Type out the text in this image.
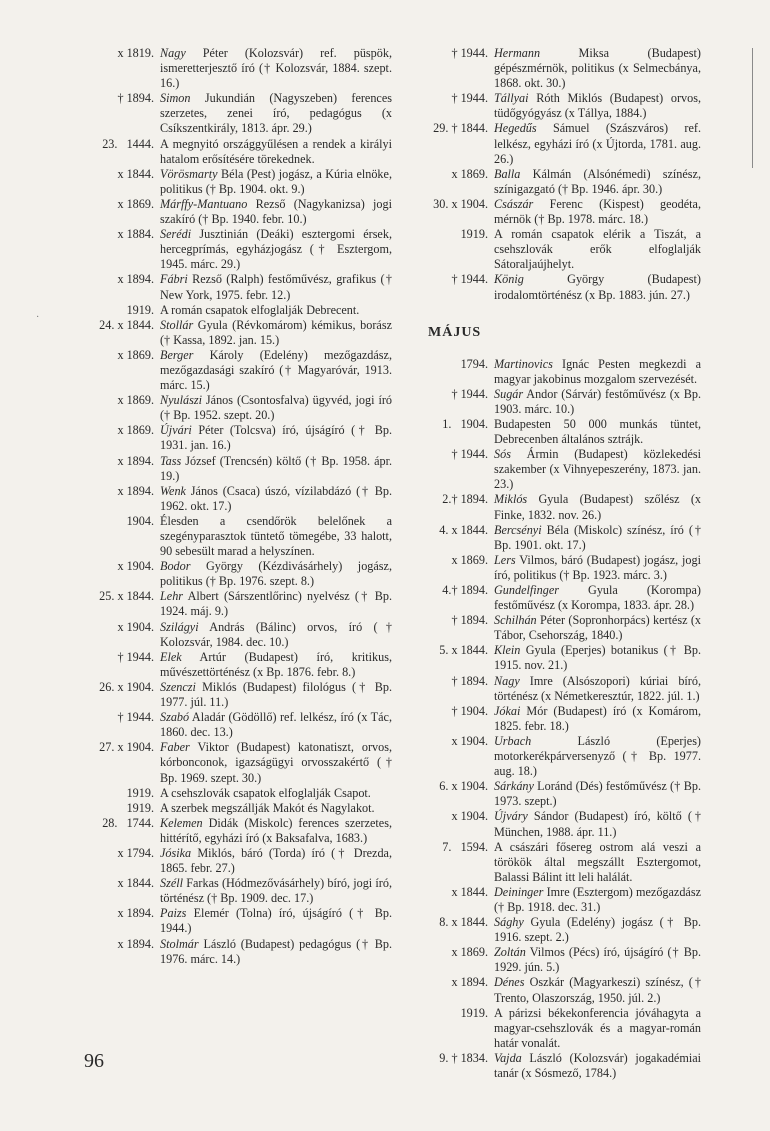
x 1819. Nagy Péter (Kolozsvár) ref. püspök, ismeretterjesztő író († Kolozsvár, 1884. szept. 16.)
† 1894. Simon Jukundián (Nagyszeben) ferences szerzetes, zenei író, pedagógus (x Csíkszentkirály, 1813. ápr. 29.)
23.   1444. A megnyitó országgyűlésen a rendek a királyi hatalom erősítésére törekednek.
x 1844. Vörösmarty Béla (Pest) jogász, a Kúria elnöke, politikus († Bp. 1904. okt. 9.)
x 1869. Márffy-Mantuano Rezső (Nagykanizsa) jogi szakíró († Bp. 1940. febr. 10.)
x 1884. Serédi Jusztinián (Deáki) esztergomi érsek, hercegprímás, egyházjogász († Esztergom, 1945. márc. 29.)
x 1894. Fábri Rezső (Ralph) festőművész, grafikus († New York, 1975. febr. 12.)
1919. A román csapatok elfoglalják Debrecent.
24. x 1844. Stollár Gyula (Révkomárom) kémikus, borász († Kassa, 1892. jan. 15.)
x 1869. Berger Károly (Edelény) mezőgazdász, mezőgazdasági szakíró († Magyaróvár, 1913. márc. 15.)
x 1869. Nyulászi János (Csontosfalva) ügyvéd, jogi író († Bp. 1952. szept. 20.)
x 1869. Újvári Péter (Tolcsva) író, újságíró († Bp. 1931. jan. 16.)
x 1894. Tass József (Trencsén) költő († Bp. 1958. ápr. 19.)
x 1894. Wenk János (Csaca) úszó, vízilabdázó († Bp. 1962. okt. 17.)
1904. Élesden a csendőrök belelőnek a szegényparasztok tüntető tömegébe, 33 halott, 90 sebesült marad a helyszínen.
x 1904. Bodor György (Kézdivásárhely) jogász, politikus († Bp. 1976. szept. 8.)
25. x 1844. Lehr Albert (Sárszentlőrinc) nyelvész († Bp. 1924. máj. 9.)
x 1904. Szilágyi András (Bálinc) orvos, író († Kolozsvár, 1984. dec. 10.)
† 1944. Elek Artúr (Budapest) író, kritikus, művészettörténész (x Bp. 1876. febr. 8.)
26. x 1904. Szenczi Miklós (Budapest) filológus († Bp. 1977. júl. 11.)
† 1944. Szabó Aladár (Gödöllő) ref. lelkész, író (x Tác, 1860. dec. 13.)
27. x 1904. Faber Viktor (Budapest) katonatiszt, orvos, kórbonconok, igazságügyi orvosszakértő († Bp. 1969. szept. 30.)
1919. A csehszlovák csapatok elfoglalják Csapot.
1919. A szerbek megszállják Makót és Nagylakot.
28.   1744. Kelemen Didák (Miskolc) ferences szerzetes, hittérítő, egyházi író (x Baksafalva, 1683.)
x 1794. Jósika Miklós, báró (Torda) író († Drezda, 1865. febr. 27.)
x 1844. Széll Farkas (Hódmezővásárhely) bíró, jogi író, történész († Bp. 1909. dec. 17.)
x 1894. Paizs Elemér (Tolna) író, újságíró († Bp. 1944.)
x 1894. Stolmár László (Budapest) pedagógus († Bp. 1976. márc. 14.)
† 1944. Hermann Miksa (Budapest) gépészmérnök, politikus (x Selmecbánya, 1868. okt. 30.)
† 1944. Tállyai Róth Miklós (Budapest) orvos, tüdőgyógyász (x Tállya, 1884.)
29. † 1844. Hegedűs Sámuel (Szászváros) ref. lelkész, egyházi író (x Újtorda, 1781. aug. 26.)
x 1869. Balla Kálmán (Alsónémedi) színész, színigazgató († Bp. 1946. ápr. 30.)
30. x 1904. Császár Ferenc (Kispest) geodéta, mérnök († Bp. 1978. márc. 18.)
1919. A román csapatok elérik a Tiszát, a csehszlovák erők elfoglalják Sátoraljaújhelyt.
† 1944. König György (Budapest) irodalomtörténész (x Bp. 1883. jún. 27.)
MÁJUS
1794. Martinovics Ignác Pesten megkezdi a magyar jakobinus mozgalom szervezését.
† 1944. Sugár Andor (Sárvár) festőművész (x Bp. 1903. márc. 10.)
1.   1904. Budapesten 50 000 munkás tüntet, Debrecenben általános sztrájk.
† 1944. Sós Ármin (Budapest) közlekedési szakember (x Vihnyepeszerény, 1873. jan. 23.)
2.† 1894. Miklós Gyula (Budapest) szőlész (x Finke, 1832. nov. 26.)
4. x 1844. Bercsényi Béla (Miskolc) színész, író († Bp. 1901. okt. 17.)
x 1869. Lers Vilmos, báró (Budapest) jogász, jogi író, politikus († Bp. 1923. márc. 3.)
4.† 1894. Gundelfinger Gyula (Korompa) festőművész (x Korompa, 1833. ápr. 28.)
† 1894. Schilhán Péter (Sopronhorpács) kertész (x Tábor, Csehország, 1840.)
5. x 1844. Klein Gyula (Eperjes) botanikus († Bp. 1915. nov. 21.)
† 1894. Nagy Imre (Alsószopori) kúriai bíró, történész (x Németkeresztúr, 1822. júl. 1.)
† 1904. Jókai Mór (Budapest) író (x Komárom, 1825. febr. 18.)
x 1904. Urbach László (Eperjes) motorkerékpárversenyző († Bp. 1977. aug. 18.)
6. x 1904. Sárkány Loránd (Dés) festőművész († Bp. 1973. szept.)
x 1904. Újváry Sándor (Budapest) író, költő († München, 1988. ápr. 11.)
7.   1594. A császári fősereg ostrom alá veszi a törökök által megszállt Esztergomot, Balassi Bálint itt leli halálát.
x 1844. Deininger Imre (Esztergom) mezőgazdász († Bp. 1918. dec. 31.)
8. x 1844. Sághy Gyula (Edelény) jogász († Bp. 1916. szept. 2.)
x 1869. Zoltán Vilmos (Pécs) író, újságíró († Bp. 1929. jún. 5.)
x 1894. Dénes Oszkár (Magyarkeszi) színész, († Trento, Olaszország, 1950. júl. 2.)
1919. A párizsi békekonferencia jóváhagyta a magyar-csehszlovák és a magyar-román határ vonalát.
9. † 1834. Vajda László (Kolozsvár) jogakadémiai tanár (x Sósmező, 1784.)
·
96
